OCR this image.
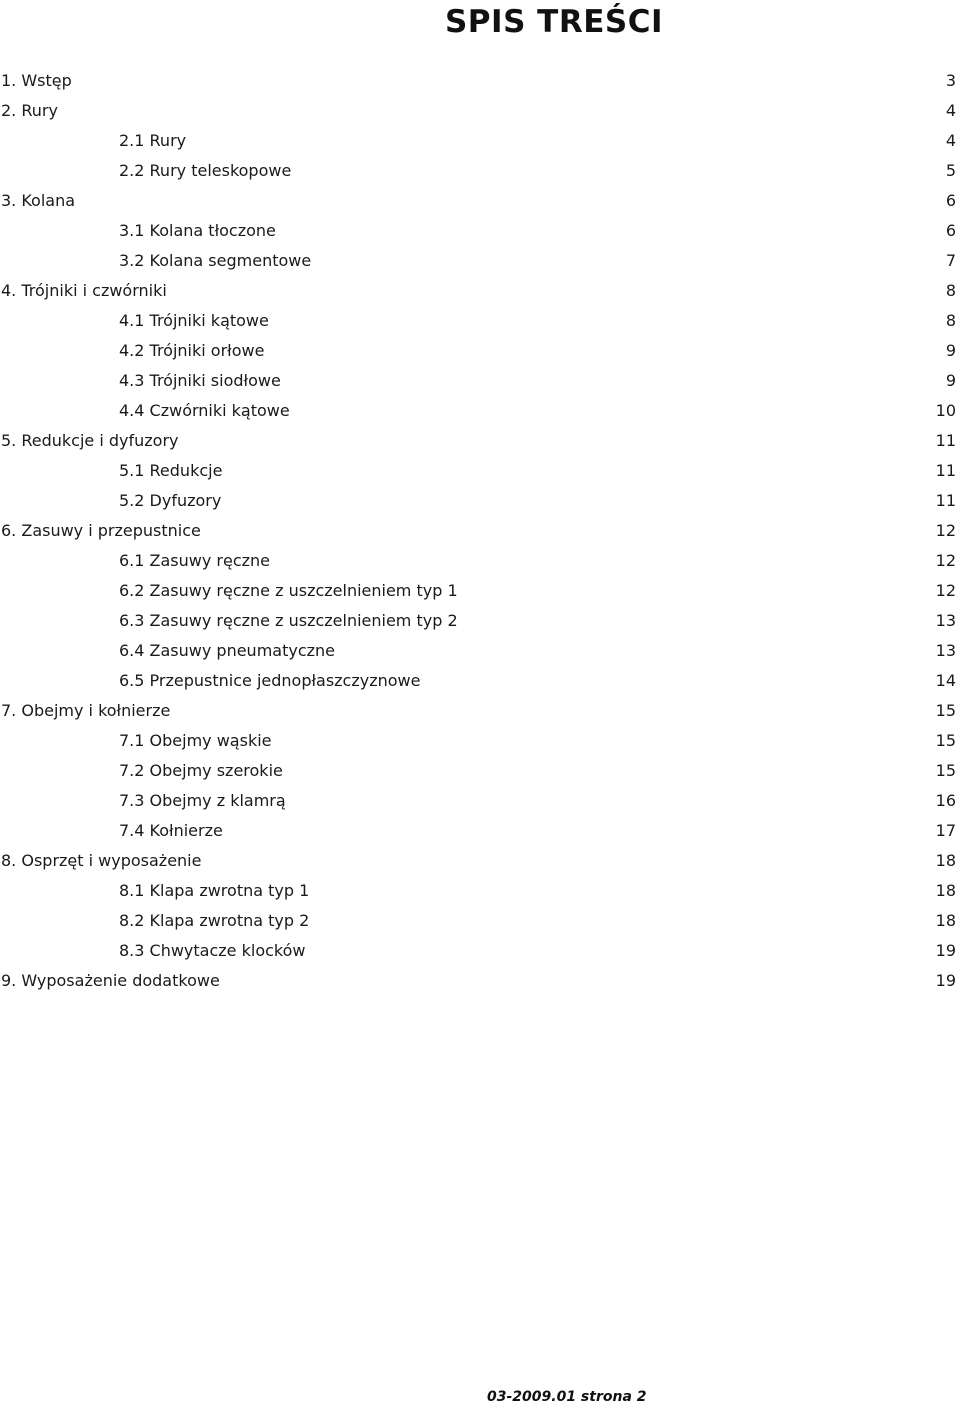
SPIS TREŚCI
1. Wstęp	3
2. Rury	4
2.1 Rury	4
2.2 Rury teleskopowe	5
3. Kolana	6
3.1 Kolana tłoczone	6
3.2 Kolana segmentowe	7
4. Trójniki i czwórniki	8
4.1 Trójniki kątowe	8
4.2 Trójniki orłowe	9
4.3 Trójniki siodłowe	9
4.4 Czwórniki kątowe	10
5. Redukcje i dyfuzory	11
5.1 Redukcje	11
5.2 Dyfuzory	11
6. Zasuwy i przepustnice	12
6.1 Zasuwy ręczne	12
6.2 Zasuwy ręczne z uszczelnieniem typ 1	12
6.3 Zasuwy ręczne z uszczelnieniem typ 2	13
6.4 Zasuwy pneumatyczne	13
6.5 Przepustnice jednopłaszczyznowe	14
7. Obejmy i kołnierze	15
7.1 Obejmy wąskie	15
7.2 Obejmy szerokie	15
7.3 Obejmy z klamrą	16
7.4 Kołnierze	17
8. Osprzęt i wyposażenie	18
8.1 Klapa zwrotna typ 1	18
8.2 Klapa zwrotna typ 2	18
8.3 Chwytacze klocków	19
9. Wyposażenie dodatkowe	19
03-2009.01 strona 2
